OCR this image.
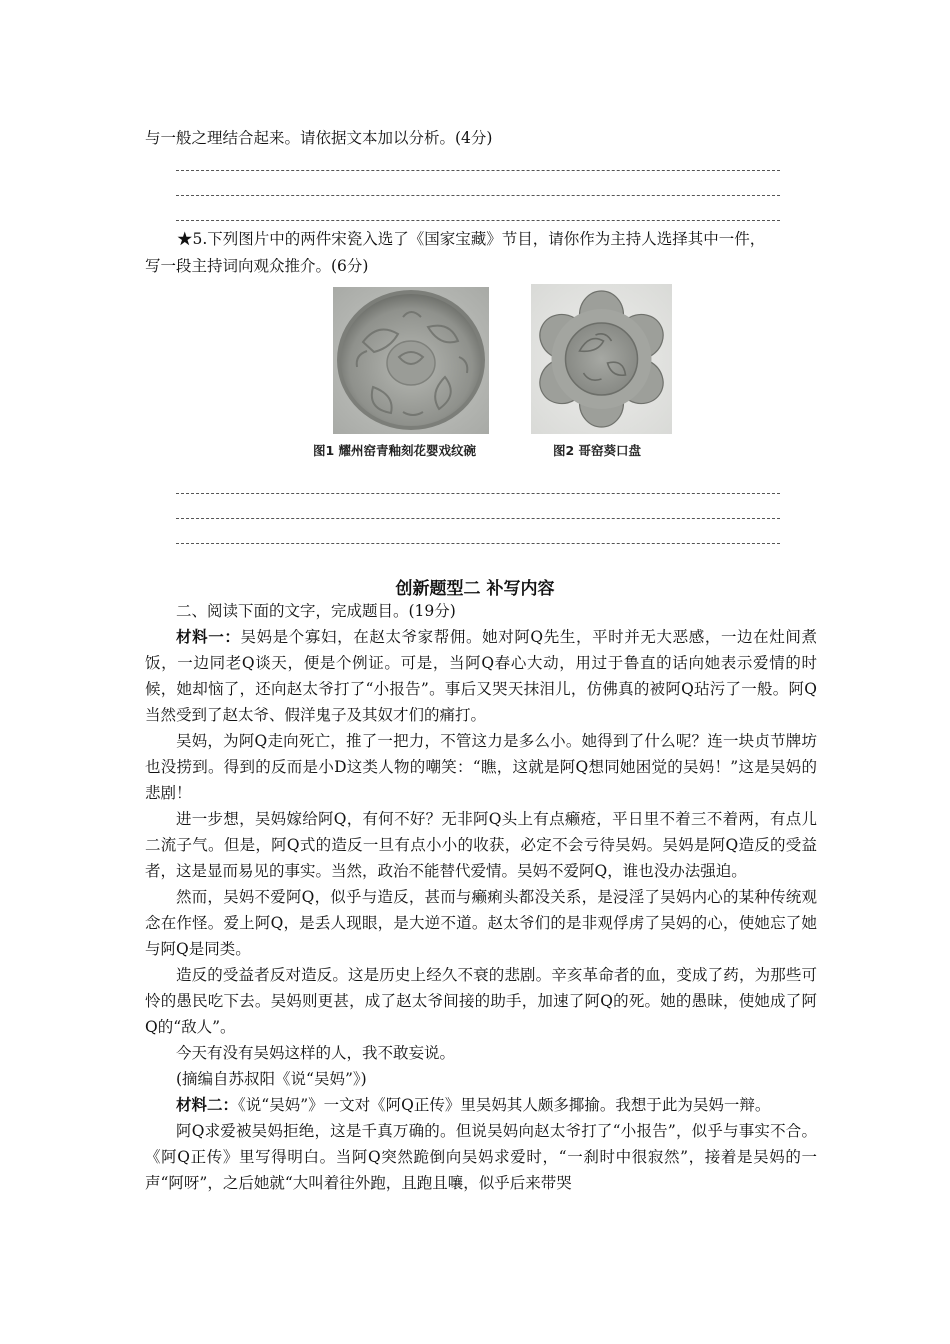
与一般之理结合起来。请依据文本加以分析。(4分)
★5.下列图片中的两件宋瓷入选了《国家宝藏》节目，请你作为主持人选择其中一件，
写一段主持词向观众推介。(6分)
图1 耀州窑青釉刻花婴戏纹碗	图2 哥窑葵口盘
创新题型二 补写内容

二、阅读下面的文字，完成题目。(19分)

材料一：吴妈是个寡妇，在赵太爷家帮佣。她对阿Q先生，平时并无大恶感，一边在灶间煮饭，一边同老Q谈天，便是个例证。可是，当阿Q春心大动，用过于鲁直的话向她表示爱情的时候，她却恼了，还向赵太爷打了“小报告”。事后又哭天抹泪儿，仿佛真的被阿Q玷污了一般。阿Q当然受到了赵太爷、假洋鬼子及其奴才们的痛打。

吴妈，为阿Q走向死亡，推了一把力，不管这力是多么小。她得到了什么呢？连一块贞节牌坊也没捞到。得到的反而是小D这类人物的嘲笑：“瞧，这就是阿Q想同她困觉的吴妈！”这是吴妈的悲剧！

进一步想，吴妈嫁给阿Q，有何不好？无非阿Q头上有点癞疮，平日里不着三不着两，有点儿二流子气。但是，阿Q式的造反一旦有点小小的收获，必定不会亏待吴妈。吴妈是阿Q造反的受益者，这是显而易见的事实。当然，政治不能替代爱情。吴妈不爱阿Q，谁也没办法强迫。

然而，吴妈不爱阿Q，似乎与造反，甚而与癞痢头都没关系，是浸淫了吴妈内心的某种传统观念在作怪。爱上阿Q，是丢人现眼，是大逆不道。赵太爷们的是非观俘虏了吴妈的心，使她忘了她与阿Q是同类。

造反的受益者反对造反。这是历史上经久不衰的悲剧。辛亥革命者的血，变成了药，为那些可怜的愚民吃下去。吴妈则更甚，成了赵太爷间接的助手，加速了阿Q的死。她的愚昧，使她成了阿Q的“敌人”。

今天有没有吴妈这样的人，我不敢妄说。

(摘编自苏叔阳《说“吴妈”》)

材料二：《说“吴妈”》一文对《阿Q正传》里吴妈其人颇多揶揄。我想于此为吴妈一辩。

阿Q求爱被吴妈拒绝，这是千真万确的。但说吴妈向赵太爷打了“小报告”，似乎与事实不合。《阿Q正传》里写得明白。当阿Q突然跪倒向吴妈求爱时，“一刹时中很寂然”，接着是吴妈的一声“阿呀”，之后她就“大叫着往外跑，且跑且嚷，似乎后来带哭
